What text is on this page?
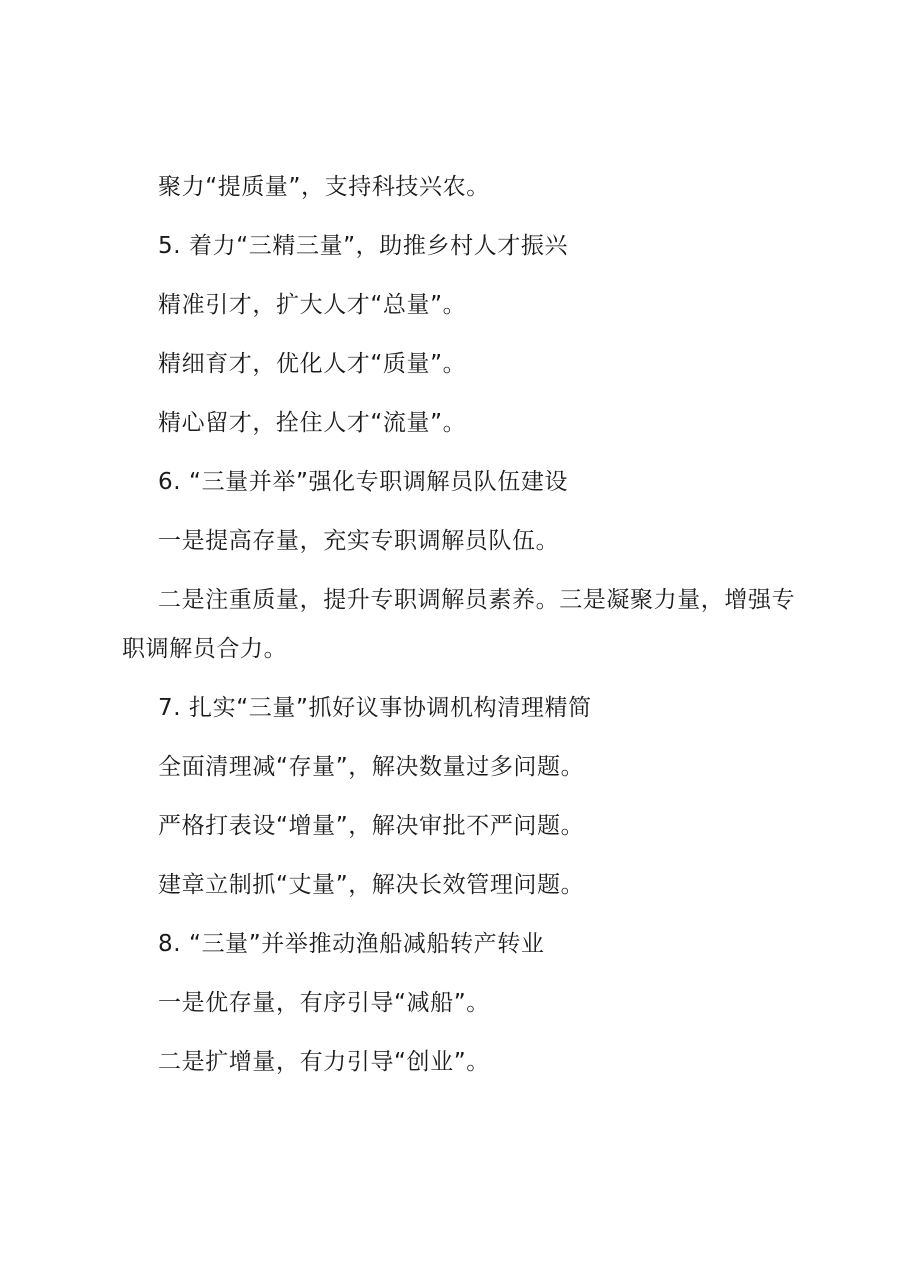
聚力“提质量”，支持科技兴农。

5. 着力“三精三量”，助推乡村人才振兴

精准引才，扩大人才“总量”。

精细育才，优化人才“质量”。

精心留才，拴住人才“流量”。

6. “三量并举”强化专职调解员队伍建设

一是提高存量，充实专职调解员队伍。

二是注重质量，提升专职调解员素养。三是凝聚力量，增强专职调解员合力。

7. 扎实“三量”抓好议事协调机构清理精简

全面清理减“存量”，解决数量过多问题。

严格打表设“增量”，解决审批不严问题。

建章立制抓“丈量”，解决长效管理问题。

8. “三量”并举推动渔船减船转产转业

一是优存量，有序引导“减船”。

二是扩增量，有力引导“创业”。
